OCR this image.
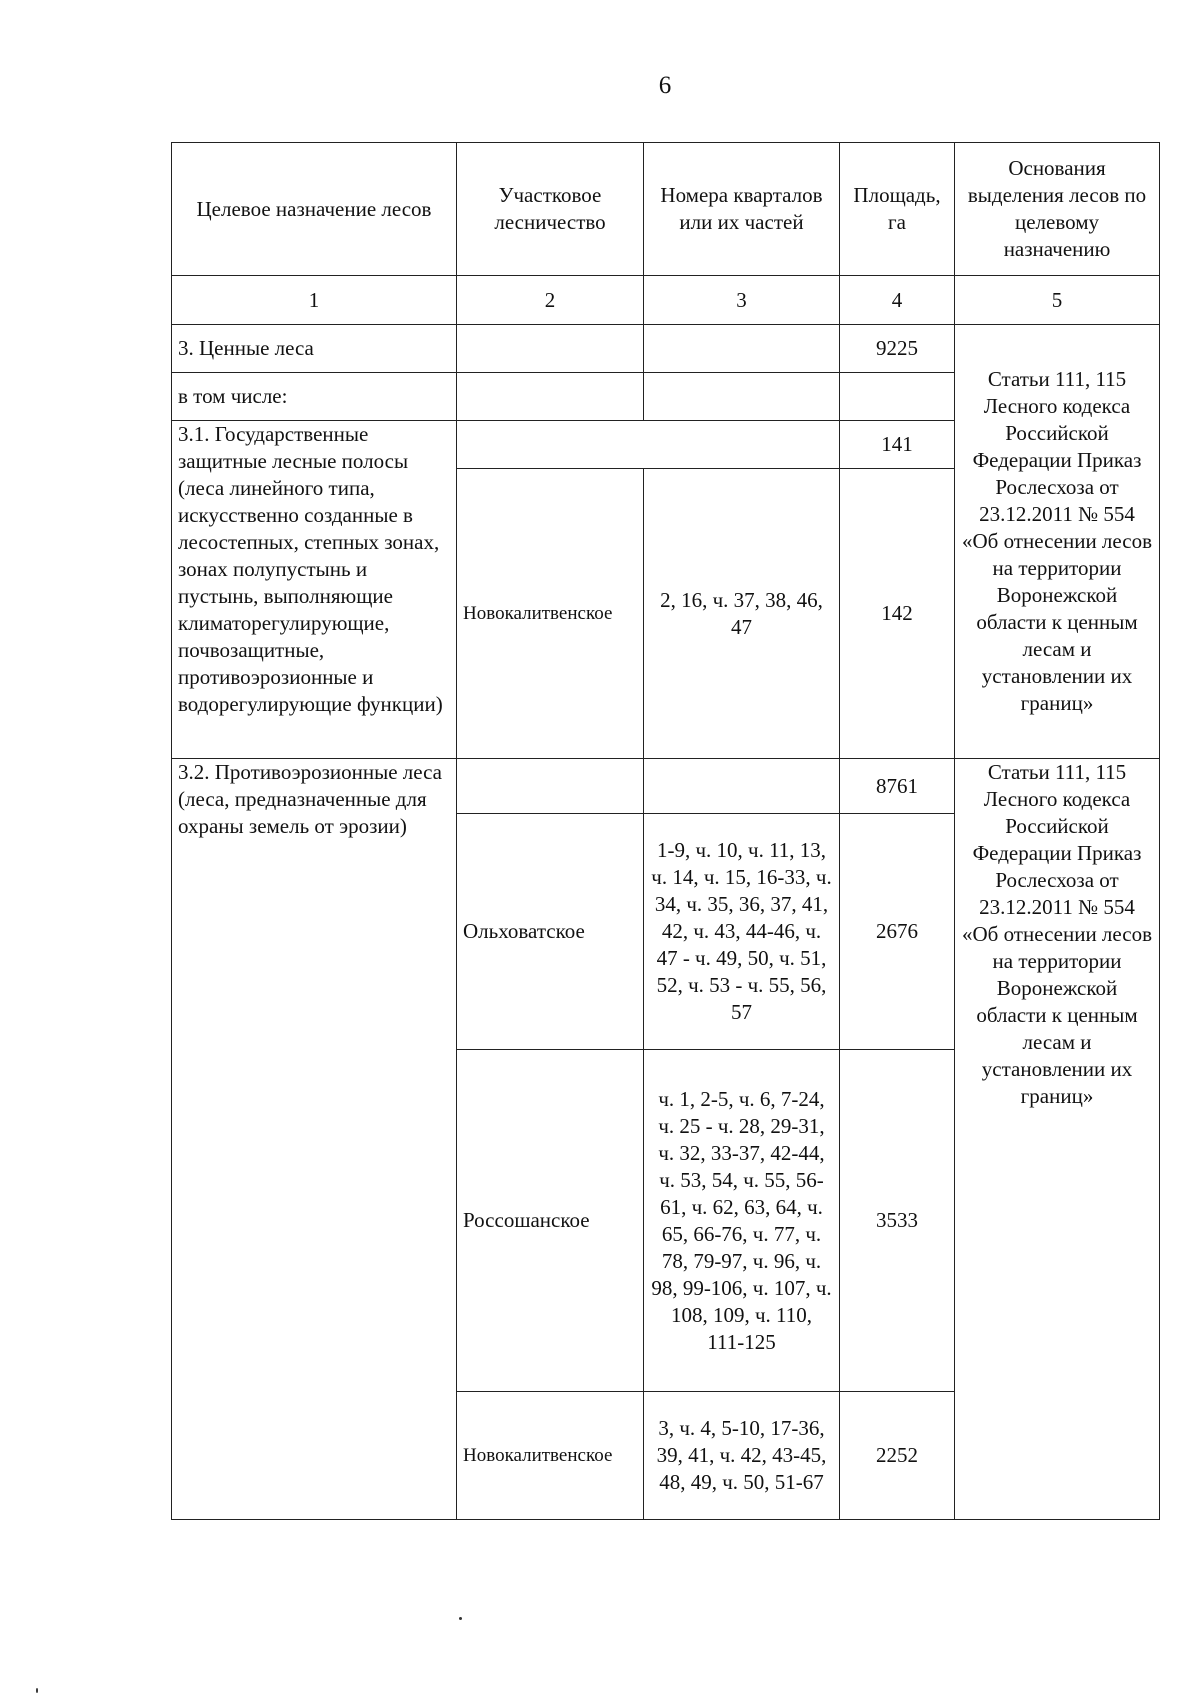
6
Целевое назначение лесов	Участковое лесничество	Номера кварталов или их частей	Площадь, га	Основания выделения лесов по целевому назначению
1	2	3	4	5
3. Ценные леса			9225	Статьи 111, 115 Лесного кодекса Российской Федерации Приказ Рослесхоза от 23.12.2011 № 554 «Об отнесении лесов на территории Воронежской области к ценным лесам и установлении их границ»
в том числе:				
3.1. Государственные защитные лесные полосы (леса линейного типа, искусственно созданные в лесостепных, степных зонах, зонах полупустынь и пустынь, выполняющие климаторегулирующие, почвозащитные, противоэрозионные и водорегулирующие функции)			141	
	Новокалитвенское	2, 16, ч. 37, 38, 46, 47	142	
3.2. Противоэрозионные леса (леса, предназначенные для охраны земель от эрозии)			8761	Статьи 111, 115 Лесного кодекса Российской Федерации Приказ Рослесхоза от 23.12.2011 № 554 «Об отнесении лесов на территории Воронежской области к ценным лесам и установлении их границ»
	Ольховатское	1-9, ч. 10, ч. 11, 13, ч. 14, ч. 15, 16-33, ч. 34, ч. 35, 36, 37, 41, 42, ч. 43, 44-46, ч. 47 - ч. 49, 50, ч. 51, 52, ч. 53 - ч. 55, 56, 57	2676	
	Россошанское	ч. 1, 2-5, ч. 6, 7-24, ч. 25 - ч. 28, 29-31, ч. 32, 33-37, 42-44, ч. 53, 54, ч. 55, 56-61, ч. 62, 63, 64, ч. 65, 66-76, ч. 77, ч. 78, 79-97, ч. 96, ч. 98, 99-106, ч. 107, ч. 108, 109, ч. 110, 111-125	3533	
	Новокалитвенское	3, ч. 4, 5-10, 17-36, 39, 41, ч. 42, 43-45, 48, 49, ч. 50, 51-67	2252	
